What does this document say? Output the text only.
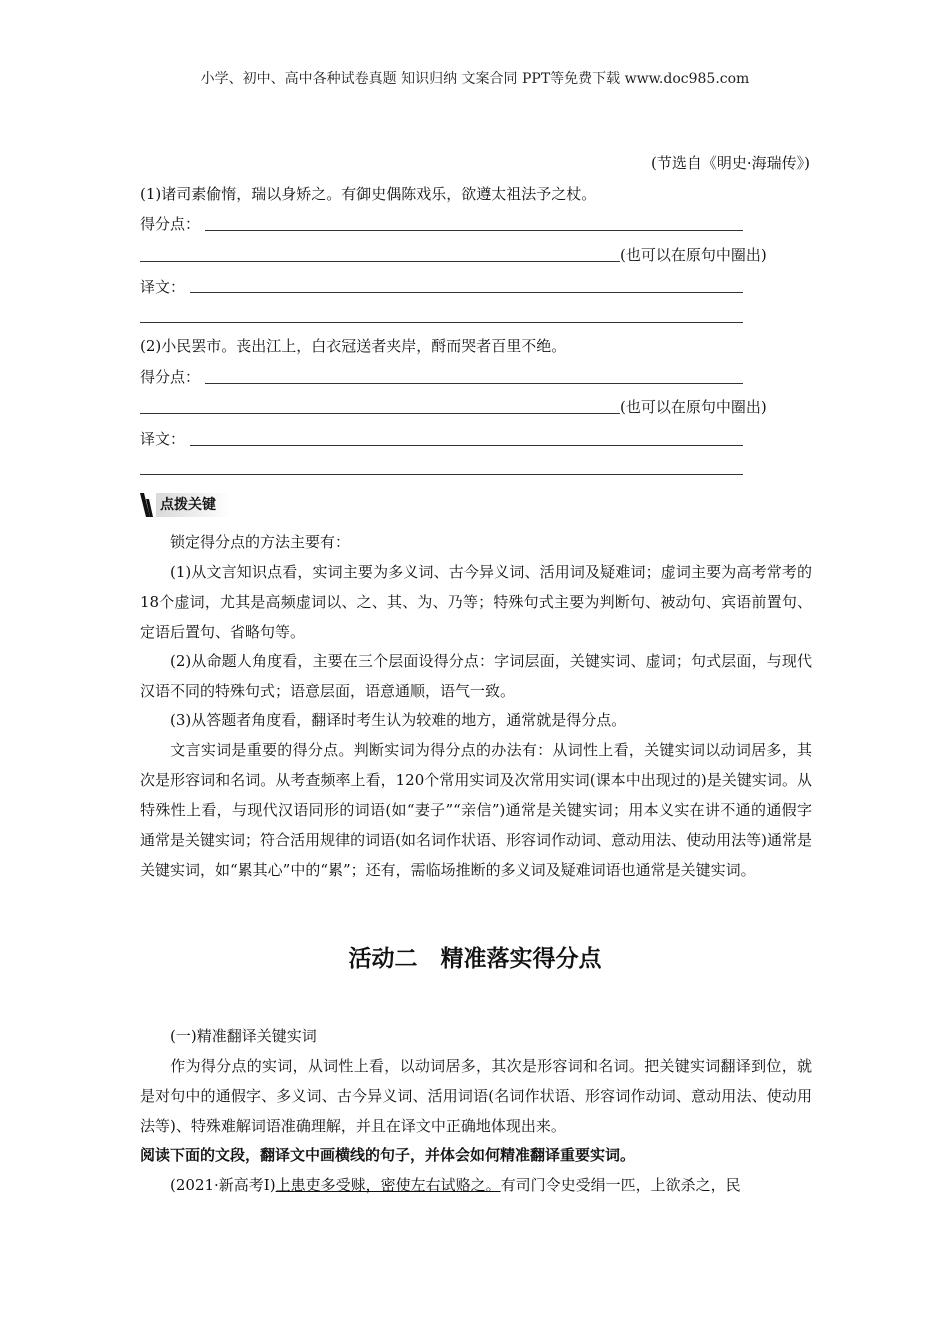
小学、初中、高中各种试卷真题 知识归纳 文案合同 PPT等免费下载 www.doc985.com
(节选自《明史·海瑞传》)
(1)诸司素偷惰，瑞以身矫之。有御史偶陈戏乐，欲遵太祖法予之杖。
得分点：
(也可以在原句中圈出)
译文：
(2)小民罢市。丧出江上，白衣冠送者夹岸，酹而哭者百里不绝。
得分点：
(也可以在原句中圈出)
译文：
点拨关键
锁定得分点的方法主要有：
(1)从文言知识点看，实词主要为多义词、古今异义词、活用词及疑难词；虚词主要为高考常考的18个虚词，尤其是高频虚词以、之、其、为、乃等；特殊句式主要为判断句、被动句、宾语前置句、定语后置句、省略句等。
(2)从命题人角度看，主要在三个层面设得分点：字词层面，关键实词、虚词；句式层面，与现代汉语不同的特殊句式；语意层面，语意通顺，语气一致。
(3)从答题者角度看，翻译时考生认为较难的地方，通常就是得分点。
文言实词是重要的得分点。判断实词为得分点的办法有：从词性上看，关键实词以动词居多，其次是形容词和名词。从考查频率上看，120个常用实词及次常用实词(课本中出现过的)是关键实词。从特殊性上看，与现代汉语同形的词语(如“妻子”“亲信”)通常是关键实词；用本义实在讲不通的通假字通常是关键实词；符合活用规律的词语(如名词作状语、形容词作动词、意动用法、使动用法等)通常是关键实词，如“累其心”中的“累”；还有，需临场推断的多义词及疑难词语也通常是关键实词。
活动二　精准落实得分点
(一)精准翻译关键实词
作为得分点的实词，从词性上看，以动词居多，其次是形容词和名词。把关键实词翻译到位，就是对句中的通假字、多义词、古今异义词、活用词语(名词作状语、形容词作动词、意动用法、使动用法等)、特殊难解词语准确理解，并且在译文中正确地体现出来。
阅读下面的文段，翻译文中画横线的句子，并体会如何精准翻译重要实词。
(2021·新高考Ⅰ)上患吏多受赇，密使左右试赂之。有司门令史受绢一匹，上欲杀之，民
